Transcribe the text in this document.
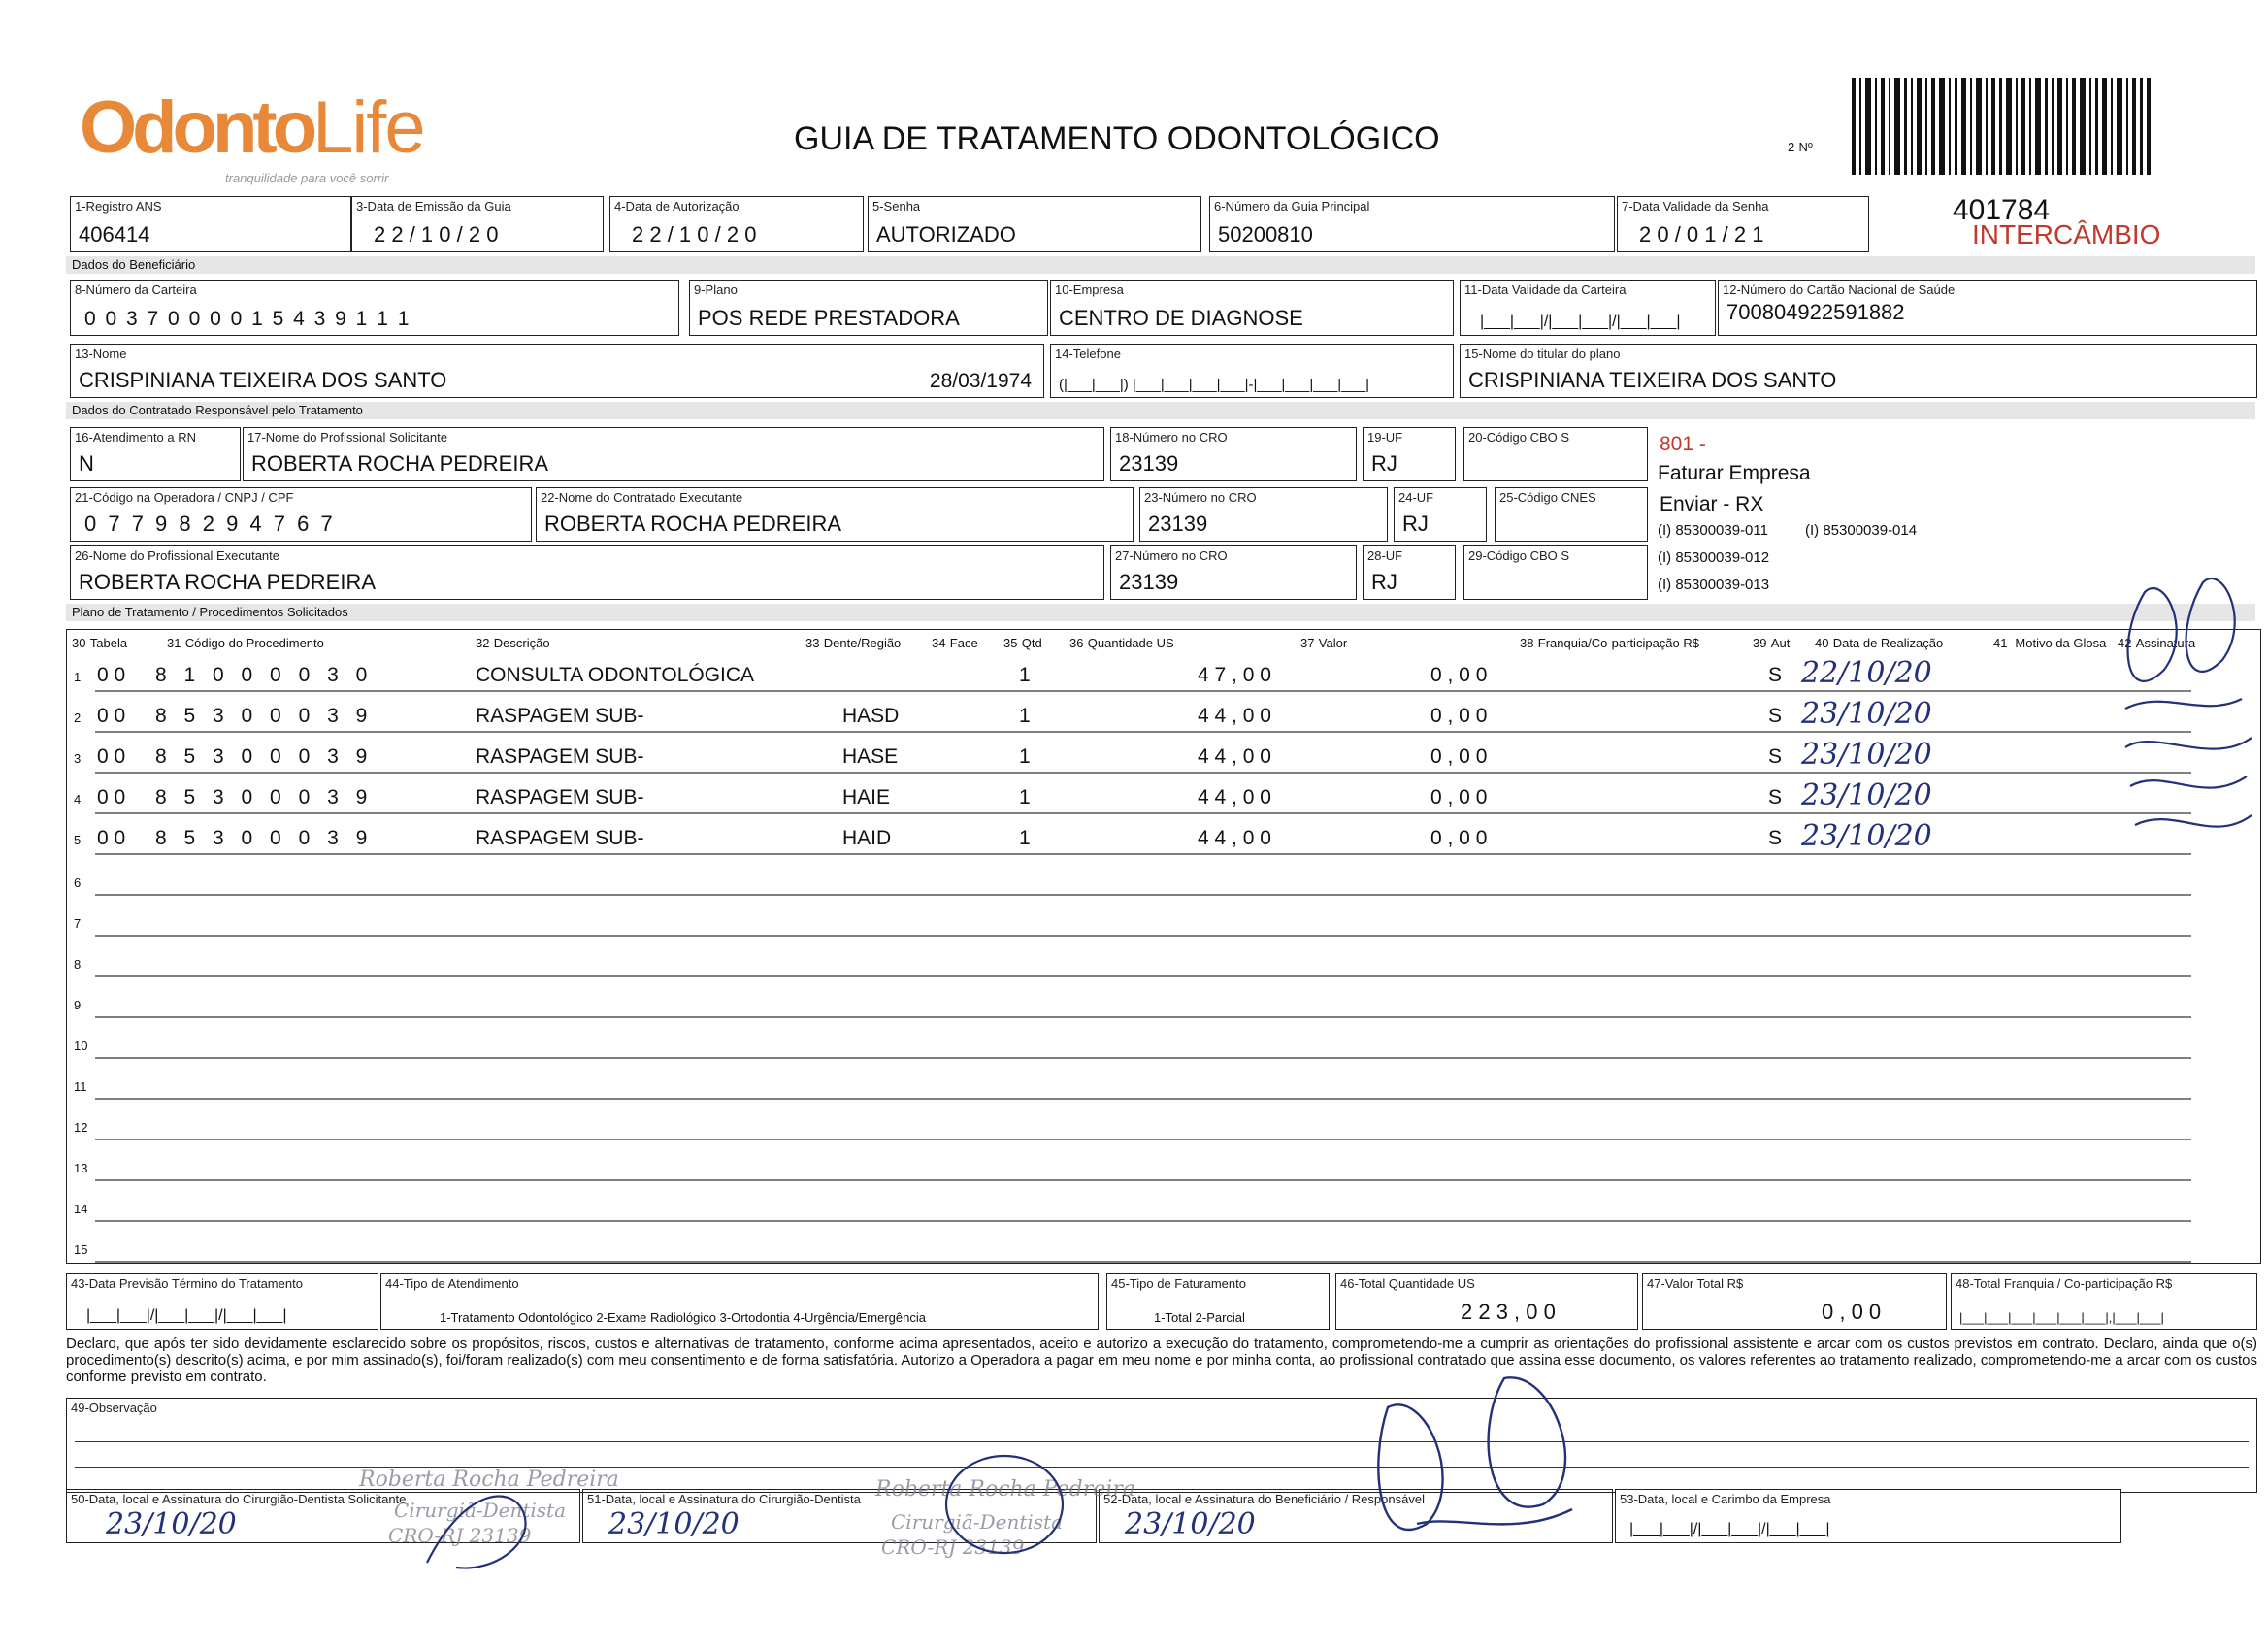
OdontoLife
tranquilidade para você sorrir
GUIA DE TRATAMENTO ODONTOLÓGICO	2-Nº
401784
INTERCÂMBIO
1-Registro ANS
406414
3-Data de Emissão da Guia
2 2 / 1 0 / 2 0
4-Data de Autorização
2 2 / 1 0 / 2 0
5-Senha
AUTORIZADO
6-Número da Guia Principal
50200810
7-Data Validade da Senha
2 0 / 0 1 / 2 1
Dados do Beneficiário
8-Número da Carteira
0 0 3 7 0 0 0 0 1 5 4 3 9 1 1 1
9-Plano
POS REDE PRESTADORA
10-Empresa
CENTRO DE DIAGNOSE
11-Data Validade da Carteira
|___|___|/|___|___|/|___|___|
12-Número do Cartão Nacional de Saúde
700804922591882
13-Nome
CRISPINIANA TEIXEIRA DOS SANTO	28/03/1974
14-Telefone
(|___|___|) |___|___|___|___|-|___|___|___|___|
15-Nome do titular do plano
CRISPINIANA TEIXEIRA DOS SANTO
Dados do Contratado Responsável pelo Tratamento
16-Atendimento a RN
N
17-Nome do Profissional Solicitante
ROBERTA ROCHA PEDREIRA
18-Número no CRO
23139
19-UF
RJ
20-Código CBO S
21-Código na Operadora / CNPJ / CPF
0 7 7 9 8 2 9 4 7 6 7
22-Nome do Contratado Executante
ROBERTA ROCHA PEDREIRA
23-Número no CRO
23139
24-UF
RJ
25-Código CNES
26-Nome do Profissional Executante
ROBERTA ROCHA PEDREIRA
27-Número no CRO
23139
28-UF
RJ
29-Código CBO S
801 -
Faturar Empresa
Enviar - RX
(I) 85300039-011	(I) 85300039-014
(I) 85300039-012
(I) 85300039-013
Plano de Tratamento / Procedimentos Solicitados
30-Tabela	31-Código do Procedimento	32-Descrição	33-Dente/Região 34-Face 35-Qtd 36-Quantidade US	37-Valor	38-Franquia/Co-participação R$	39-Aut 40-Data de Realização	41- Motivo da Glosa 42-Assinatura
1 0 0 8 1 0 0 0 0 3 0	CONSULTA ODONTOLÓGICA	1	4 7 , 0 0	0 , 0 0	S 22/10/20
2 0 0 8 5 3 0 0 0 3 9	RASPAGEM SUB-	HASD	1	4 4 , 0 0	0 , 0 0	S 23/10/20
3 0 0 8 5 3 0 0 0 3 9	RASPAGEM SUB-	HASE	1	4 4 , 0 0	0 , 0 0	S 23/10/20
4 0 0 8 5 3 0 0 0 3 9	RASPAGEM SUB-	HAIE	1	4 4 , 0 0	0 , 0 0	S 23/10/20
5 0 0 8 5 3 0 0 0 3 9	RASPAGEM SUB-	HAID	1	4 4 , 0 0	0 , 0 0	S 23/10/20
6
7
8
9
10
11
12
13
14
15
43-Data Previsão Término do Tratamento
|___|___|/|___|___|/|___|___|
44-Tipo de Atendimento
1-Tratamento Odontológico 2-Exame Radiológico 3-Ortodontia 4-Urgência/Emergência
45-Tipo de Faturamento
1-Total 2-Parcial
46-Total Quantidade US
2 2 3 , 0 0
47-Valor Total R$
0 , 0 0
48-Total Franquia / Co-participação R$
|___|___|___|___|___|___|,|___|___|
Declaro, que após ter sido devidamente esclarecido sobre os propósitos, riscos, custos e alternativas de tratamento, conforme acima apresentados, aceito e autorizo a execução do tratamento, comprometendo-me a cumprir as orientações do profissional assistente e arcar com os custos previstos em contrato. Declaro, ainda que o(s) procedimento(s) descrito(s) acima, e por mim assinado(s), foi/foram realizado(s) com meu consentimento e de forma satisfatória. Autorizo a Operadora a pagar em meu nome e por minha conta, ao profissional contratado que assina esse documento, os valores referentes ao tratamento realizado, comprometendo-me a arcar com os custos conforme previsto em contrato.
49-Observação
50-Data, local e Assinatura do Cirurgião-Dentista Solicitante
23/10/20
51-Data, local e Assinatura do Cirurgião-Dentista
23/10/20
52-Data, local e Assinatura do Beneficiário / Responsável
23/10/20
53-Data, local e Carimbo da Empresa
|___|___|/|___|___|/|___|___|
Roberta Rocha Pedreira
Cirurgiã-Dentista
CRO-RJ 23139
Roberta Rocha Pedreira
Cirurgiã-Dentista
CRO-RJ 23139
